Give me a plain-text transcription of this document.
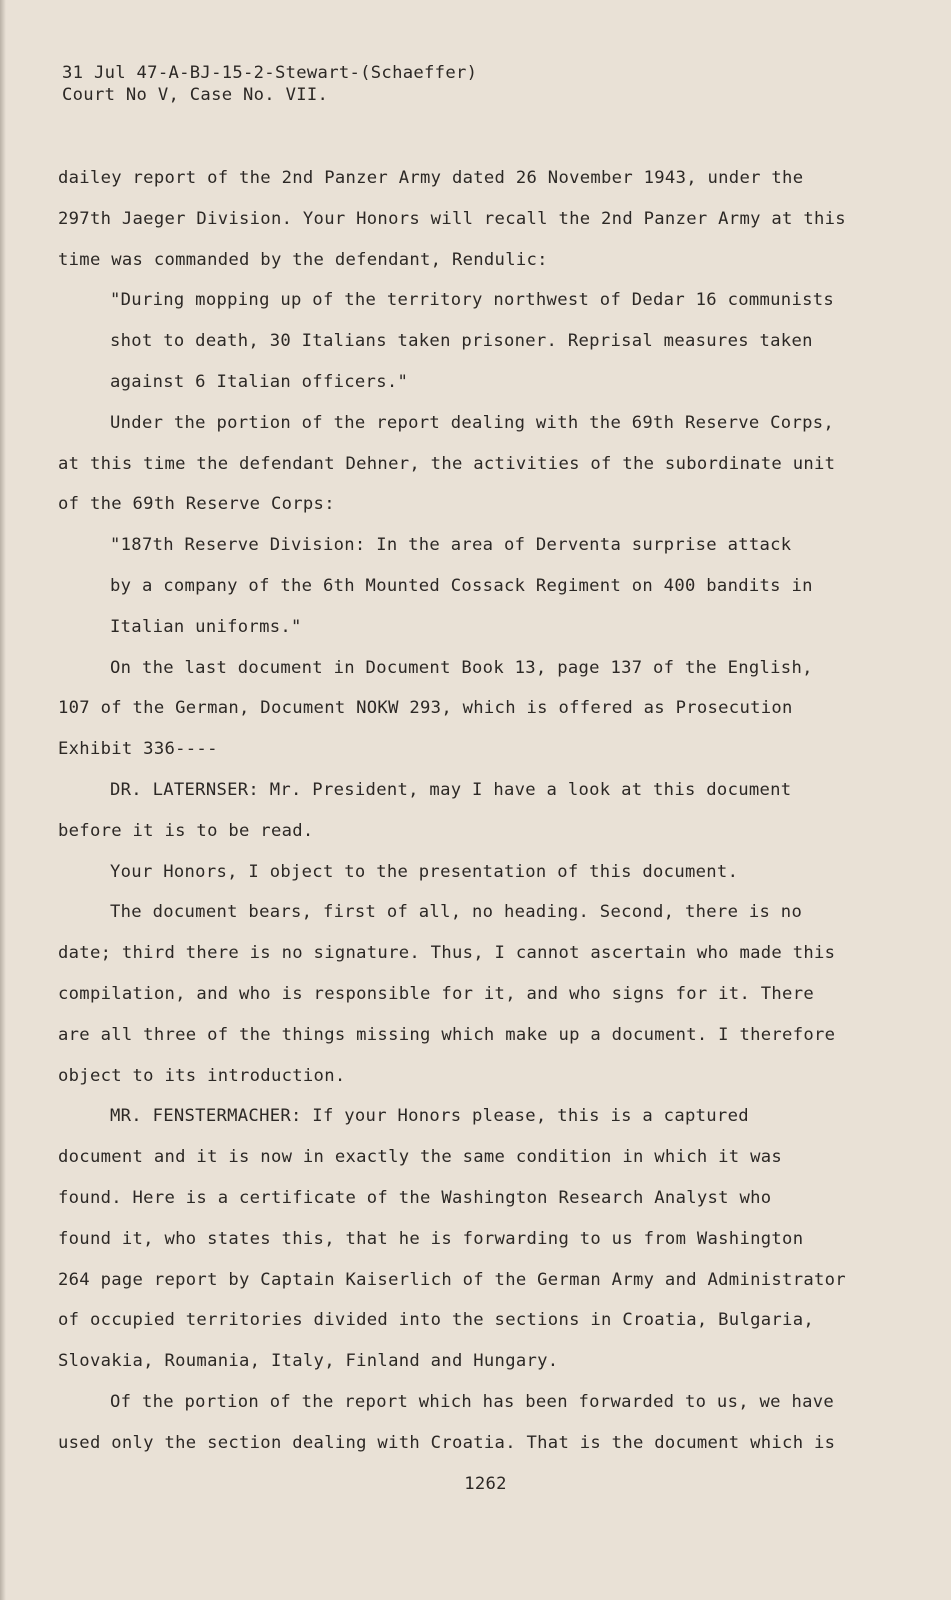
31 Jul 47-A-BJ-15-2-Stewart-(Schaeffer)
Court No V, Case No. VII.
dailey report of the 2nd Panzer Army dated 26 November 1943, under the
297th Jaeger Division. Your Honors will recall the 2nd Panzer Army at this
time was commanded by the defendant, Rendulic:
"During mopping up of the territory northwest of Dedar 16 communists
shot to death, 30 Italians taken prisoner. Reprisal measures taken
against 6 Italian officers."
Under the portion of the report dealing with the 69th Reserve Corps,
at this time the defendant Dehner, the activities of the subordinate unit
of the 69th Reserve Corps:
"187th Reserve Division: In the area of Derventa surprise attack
by a company of the 6th Mounted Cossack Regiment on 400 bandits in
Italian uniforms."
On the last document in Document Book 13, page 137 of the English,
107 of the German, Document NOKW 293, which is offered as Prosecution
Exhibit 336----
DR. LATERNSER: Mr. President, may I have a look at this document
before it is to be read.
Your Honors, I object to the presentation of this document.
The document bears, first of all, no heading. Second, there is no
date; third there is no signature. Thus, I cannot ascertain who made this
compilation, and who is responsible for it, and who signs for it. There
are all three of the things missing which make up a document. I therefore
object to its introduction.
MR. FENSTERMACHER: If your Honors please, this is a captured
document and it is now in exactly the same condition in which it was
found. Here is a certificate of the Washington Research Analyst who
found it, who states this, that he is forwarding to us from Washington
264 page report by Captain Kaiserlich of the German Army and Administrator
of occupied territories divided into the sections in Croatia, Bulgaria,
Slovakia, Roumania, Italy, Finland and Hungary.
Of the portion of the report which has been forwarded to us, we have
used only the section dealing with Croatia. That is the document which is
1262
